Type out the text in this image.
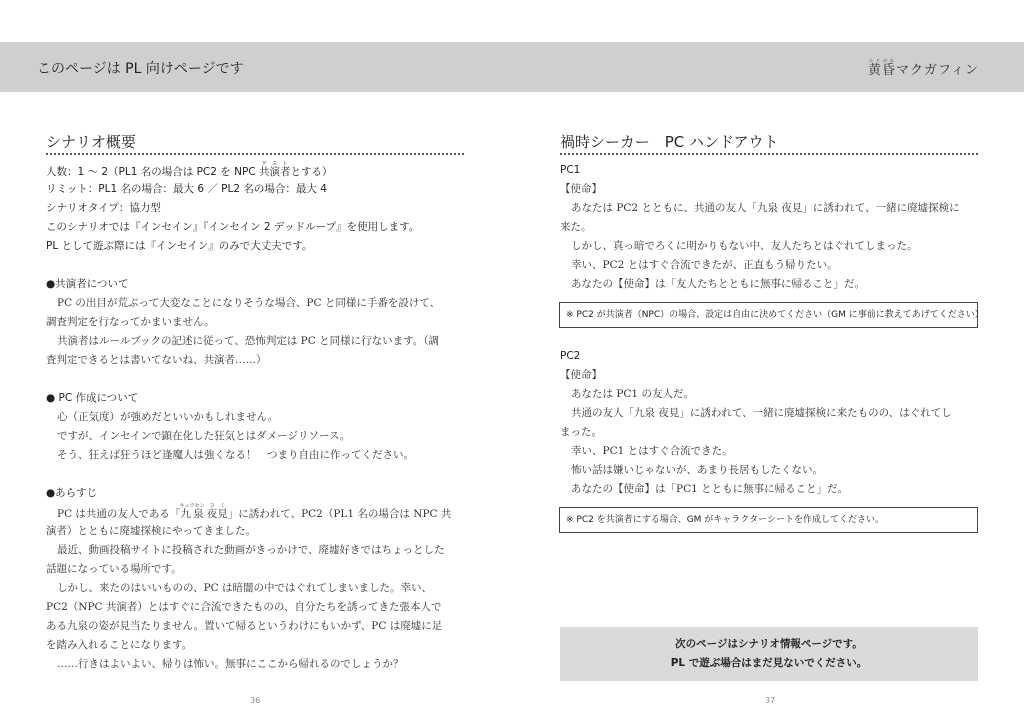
このページは PL 向けページです	黄昏たそがれマクガフィン
シナリオ概要
人数：1 ～ 2（PL1 名の場合は PC2 を NPC 共演者ゲストとする）
リミット：PL1 名の場合：最大 6 ／ PL2 名の場合：最大 4
シナリオタイプ：協力型
このシナリオでは『インセイン』『インセイン 2 デッドループ』を使用します。
PL として遊ぶ際には『インセイン』のみで大丈夫です。
●共演者について
PC の出目が荒ぶって大変なことになりそうな場合、PC と同様に手番を設けて、
調査判定を行なってかまいません。
共演者はルールブックの記述に従って、恐怖判定は PC と同様に行ないます。（調
査判定できるとは書いてないね、共演者……）
● PC 作成について
心（正気度）が強めだといいかもしれません。
ですが、インセインで顕在化した狂気とはダメージリソース。
そう、狂えば狂うほど逢魔人は強くなる！　つまり自由に作ってください。
●あらすじ
PC は共通の友人である「九泉キュウセン 夜見ヨミ」に誘われて、PC2（PL1 名の場合は NPC 共
演者）とともに廃墟探検にやってきました。
最近、動画投稿サイトに投稿された動画がきっかけで、廃墟好きではちょっとした
話題になっている場所です。
しかし、来たのはいいものの、PC は暗闇の中ではぐれてしまいました。幸い、
PC2（NPC 共演者）とはすぐに合流できたものの、自分たちを誘ってきた張本人で
ある九泉の姿が見当たりません。置いて帰るというわけにもいかず、PC は廃墟に足
を踏み入れることになります。
……行きはよいよい、帰りは怖い。無事にここから帰れるのでしょうか？
36
禍時シーカー　PC ハンドアウト
PC1
【使命】
あなたは PC2 とともに、共通の友人「九泉 夜見」に誘われて、一緒に廃墟探検に
来た。
しかし、真っ暗でろくに明かりもない中、友人たちとはぐれてしまった。
幸い、PC2 とはすぐ合流できたが、正直もう帰りたい。
あなたの【使命】は「友人たちとともに無事に帰ること」だ。
※ PC2 が共演者（NPC）の場合、設定は自由に決めてください（GM に事前に教えてあげてください）
PC2
【使命】
あなたは PC1 の友人だ。
共通の友人「九泉 夜見」に誘われて、一緒に廃墟探検に来たものの、はぐれてし
まった。
幸い、PC1 とはすぐ合流できた。
怖い話は嫌いじゃないが、あまり長居もしたくない。
あなたの【使命】は「PC1 とともに無事に帰ること」だ。
※ PC2 を共演者にする場合、GM がキャラクターシートを作成してください。
次のページはシナリオ情報ページです。
PL で遊ぶ場合はまだ見ないでください。
37
